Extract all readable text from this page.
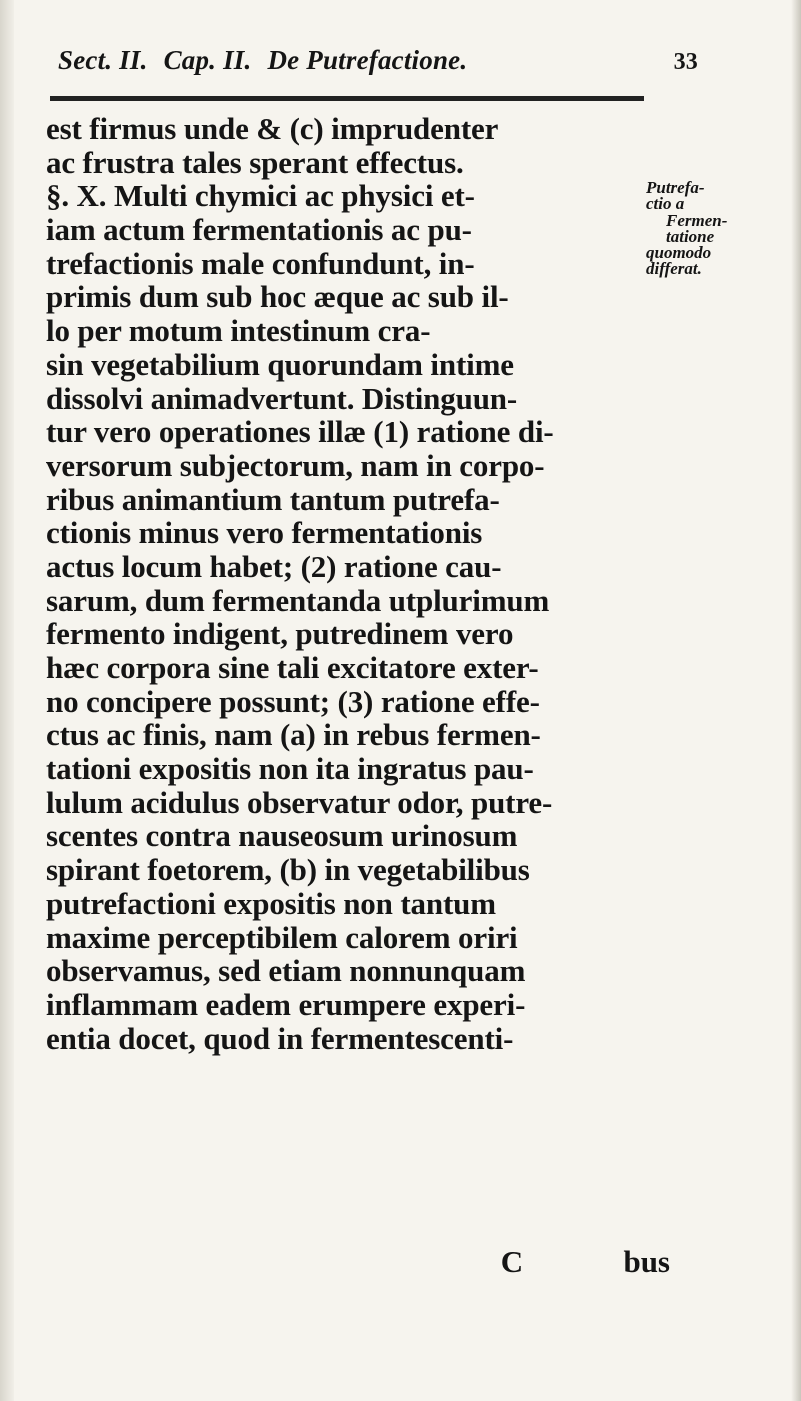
Sect. II. Cap. II. De Putrefactione.	33
est firmus unde & (c) imprudenter
ac frustra tales sperant effectus.
§. X. Multi chymici ac physici et-
iam actum fermentationis ac pu-
trefactionis male confundunt, in-
primis dum sub hoc æque ac sub il-
lo per motum intestinum cra-
sin vegetabilium quorundam intime
dissolvi animadvertunt. Distinguun-
tur vero operationes illæ (1) ratione di-
versorum subjectorum, nam in corpo-
ribus animantium tantum putrefa-
ctionis minus vero fermentationis
actus locum habet; (2) ratione cau-
sarum, dum fermentanda utplurimum
fermento indigent, putredinem vero
hæc corpora sine tali excitatore exter-
no concipere possunt; (3) ratione effe-
ctus ac finis, nam (a) in rebus fermen-
tationi expositis non ita ingratus pau-
lulum acidulus observatur odor, putre-
scentes contra nauseosum urinosum
spirant foetorem, (b) in vegetabilibus
putrefactioni expositis non tantum
maxime perceptibilem calorem oriri
observamus, sed etiam nonnunquam
inflammam eadem erumpere experi-
entia docet, quod in fermentescenti-
Putrefa-
ctio a
Fermen-
tatione
quomodo
differat.
C	bus
